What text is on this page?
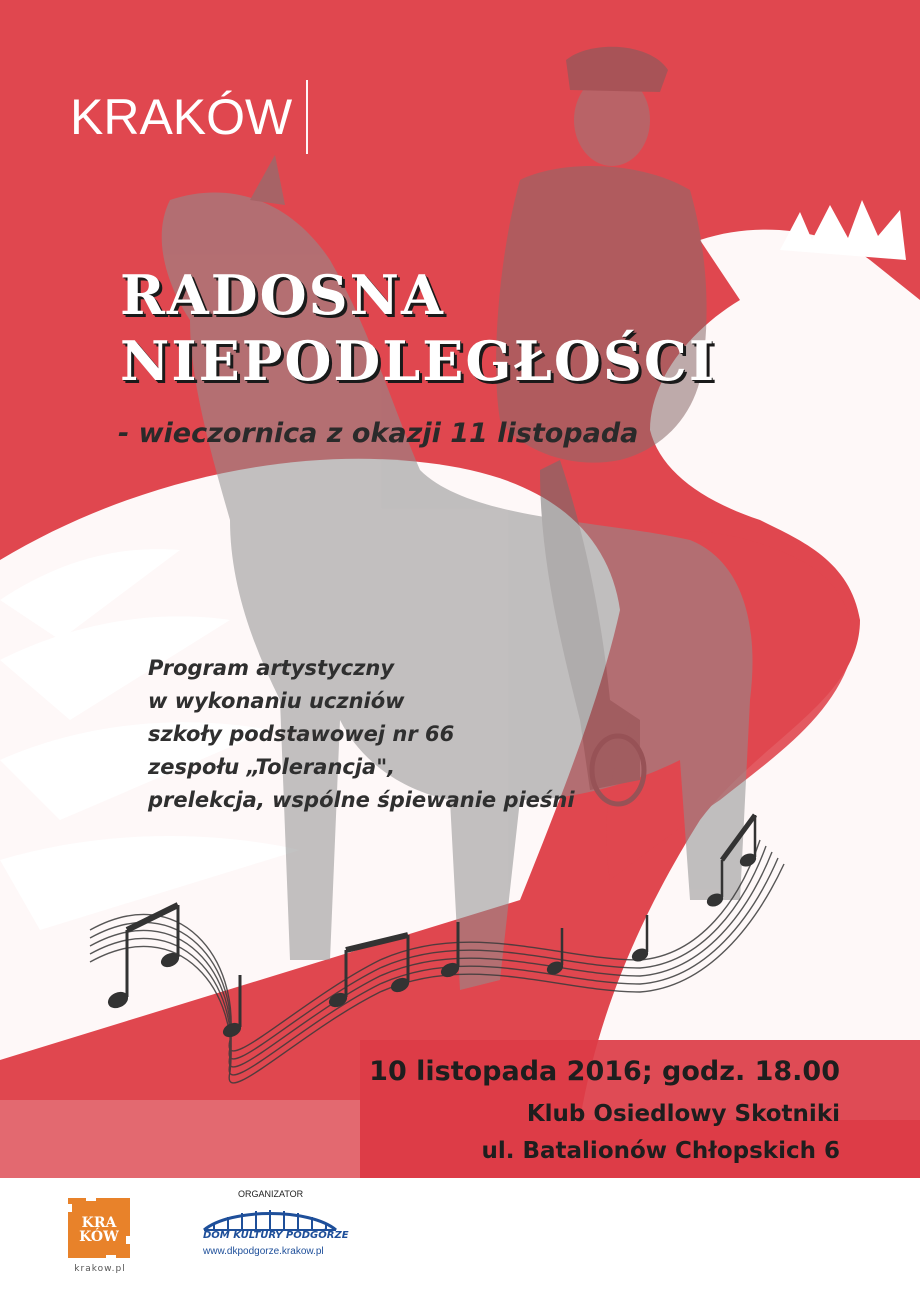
KRAKÓW
RADOSNA
NIEPODLEGŁOŚCI
- wieczornica z okazji 11 listopada
Program artystyczny
w wykonaniu uczniów
szkoły podstawowej nr 66
zespołu „Tolerancja",
prelekcja, wspólne śpiewanie pieśni
10 listopada 2016; godz. 18.00
Klub Osiedlowy Skotniki
ul. Batalionów Chłopskich 6
KRA KÓW
krakow.pl
ORGANIZATOR
DOM KULTURY PODGÓRZE
www.dkpodgorze.krakow.pl
